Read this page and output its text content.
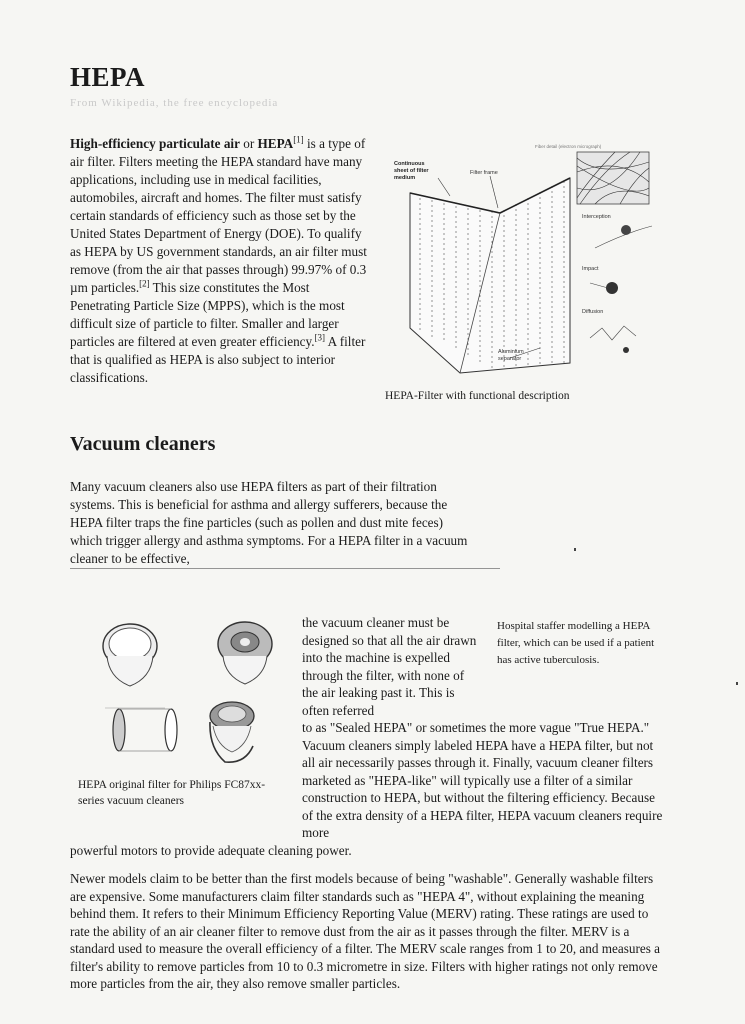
HEPA

From Wikipedia, the free encyclopedia

High-efficiency particulate air or HEPA[1] is a type of air filter. Filters meeting the HEPA standard have many applications, including use in medical facilities, automobiles, aircraft and homes. The filter must satisfy certain standards of efficiency such as those set by the United States Department of Energy (DOE). To qualify as HEPA by US government standards, an air filter must remove (from the air that passes through) 99.97% of 0.3 µm particles.[2] This size constitutes the Most Penetrating Particle Size (MPPS), which is the most difficult size of particle to filter. Smaller and larger particles are filtered at even greater efficiency.[3] A filter that is qualified as HEPA is also subject to interior classifications.

Continuous
sheet of filter
medium
Filter frame
Aluminium
separator
Fiber detail (electron micrograph)
Interception
Impact
Diffusion

HEPA-Filter with functional description

Vacuum cleaners

Many vacuum cleaners also use HEPA filters as part of their filtration systems. This is beneficial for asthma and allergy sufferers, because the HEPA filter traps the fine particles (such as pollen and dust mite feces) which trigger allergy and asthma symptoms. For a HEPA filter in a vacuum cleaner to be effective,

HEPA original filter for Philips FC87xx-series vacuum cleaners

the vacuum cleaner must be designed so that all the air drawn into the machine is expelled through the filter, with none of the air leaking past it. This is often referred

Hospital staffer modelling a HEPA filter, which can be used if a patient has active tuberculosis.

to as "Sealed HEPA" or sometimes the more vague "True HEPA." Vacuum cleaners simply labeled HEPA have a HEPA filter, but not all air necessarily passes through it. Finally, vacuum cleaner filters marketed as "HEPA-like" will typically use a filter of a similar construction to HEPA, but without the filtering efficiency. Because of the extra density of a HEPA filter, HEPA vacuum cleaners require more

powerful motors to provide adequate cleaning power.

Newer models claim to be better than the first models because of being "washable". Generally washable filters are expensive. Some manufacturers claim filter standards such as "HEPA 4", without explaining the meaning behind them. It refers to their Minimum Efficiency Reporting Value (MERV) rating. These ratings are used to rate the ability of an air cleaner filter to remove dust from the air as it passes through the filter. MERV is a standard used to measure the overall efficiency of a filter. The MERV scale ranges from 1 to 20, and measures a filter's ability to remove particles from 10 to 0.3 micrometre in size. Filters with higher ratings not only remove more particles from the air, they also remove smaller particles.
